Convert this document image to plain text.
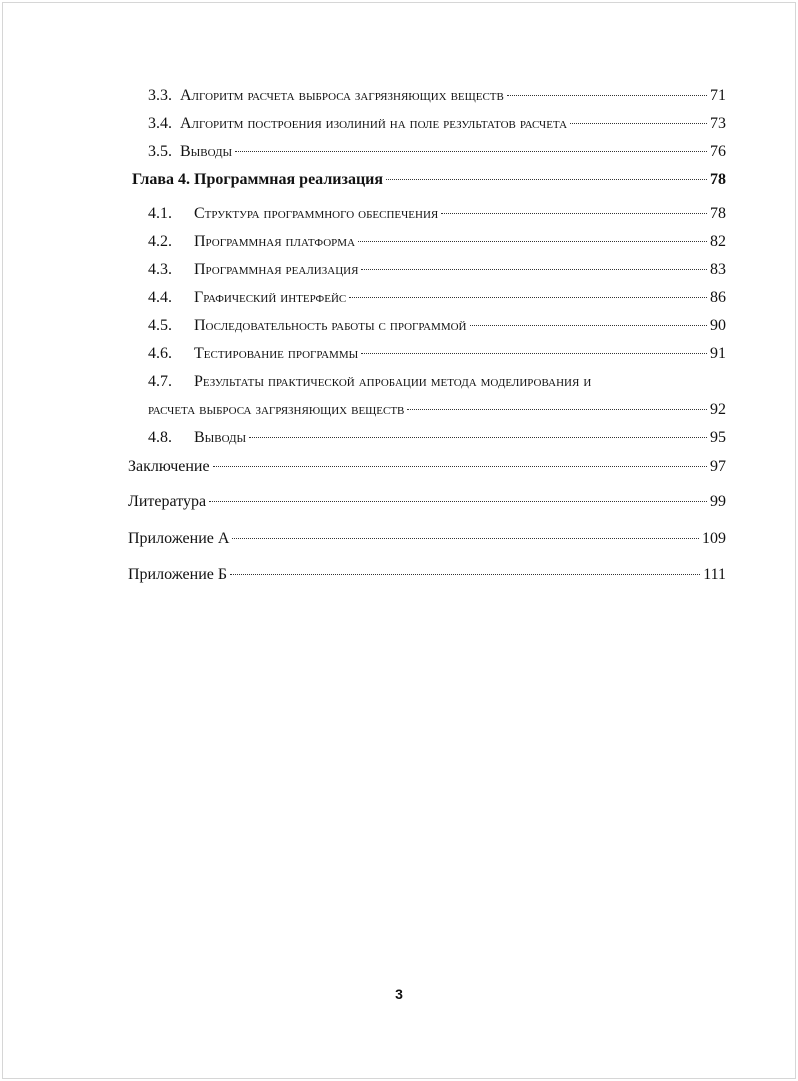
3.3. Алгоритм расчета выброса загрязняющих веществ	71
3.4. Алгоритм построения изолиний на поле результатов расчета	73
3.5. Выводы	76
Глава 4. Программная реализация	78
4.1.	Структура программного обеспечения	78
4.2.	Программная платформа	82
4.3.	Программная реализация	83
4.4.	Графический интерфейс	86
4.5.	Последовательность работы с программой	90
4.6.	Тестирование программы	91
4.7. Результаты практической апробации метода моделирования и
расчета выброса загрязняющих веществ	92
4.8.	Выводы	95
Заключение	97
Литература	99
Приложение А	109
Приложение Б	111
3
